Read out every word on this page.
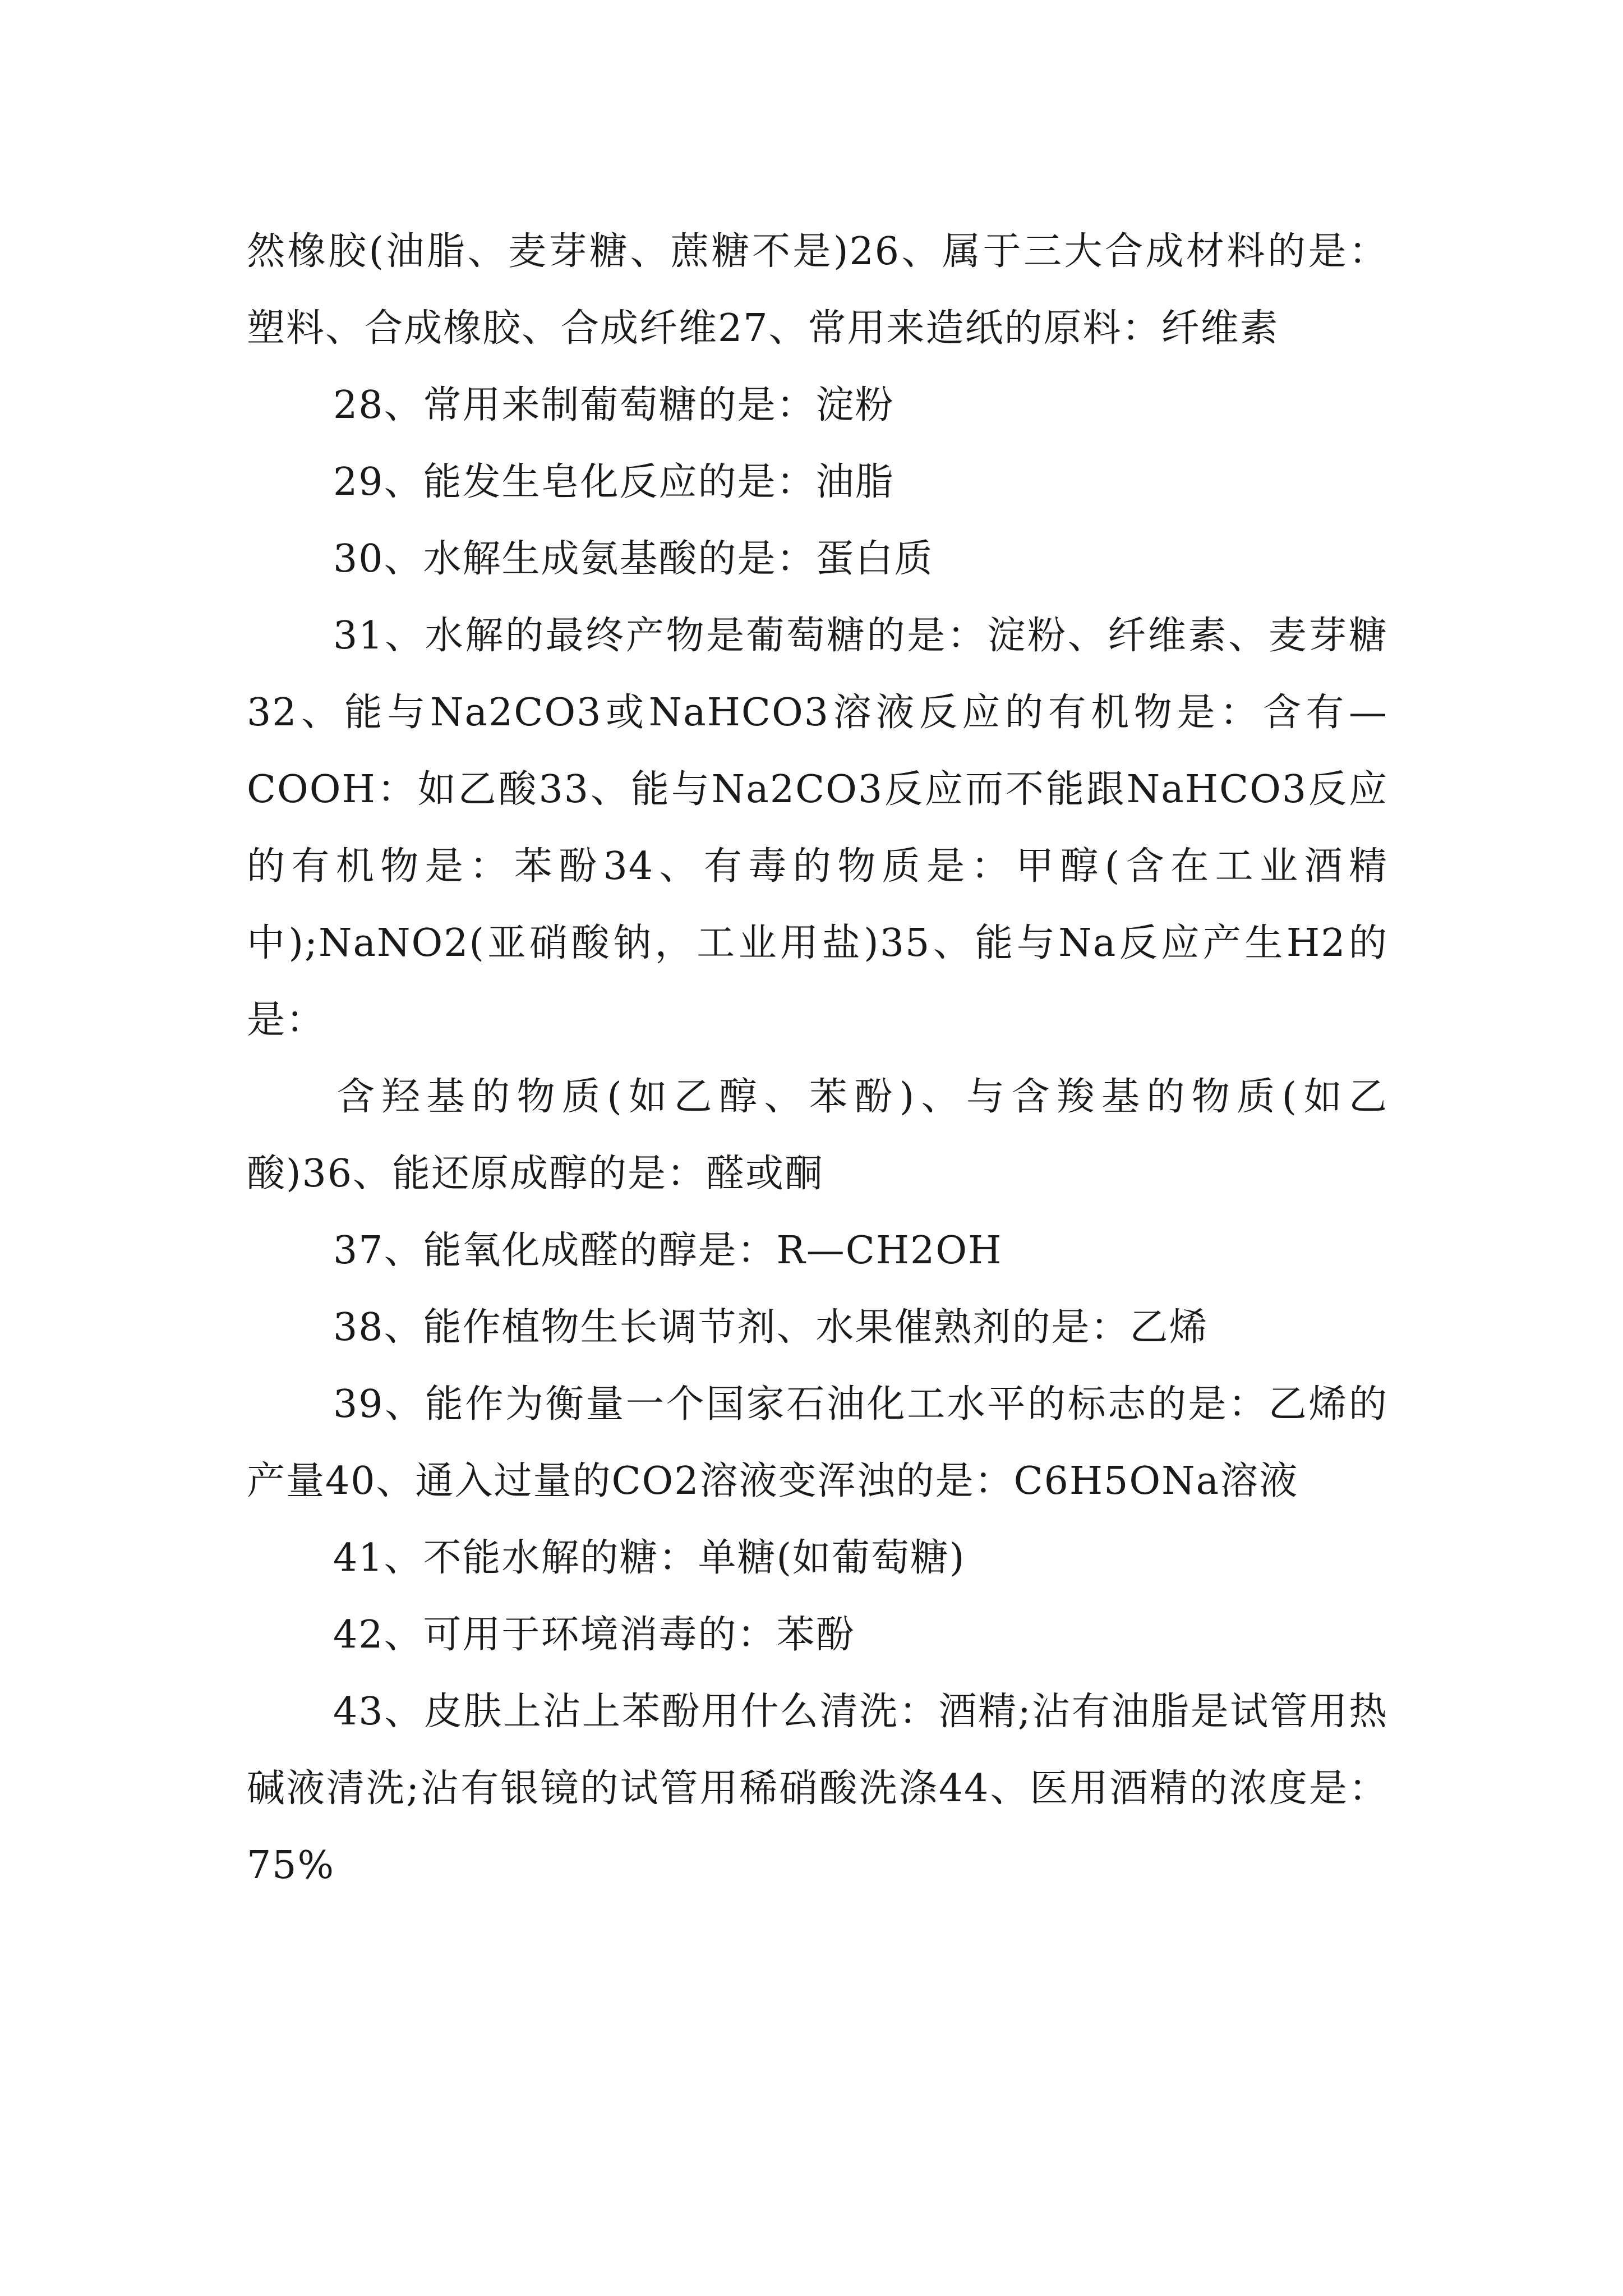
然橡胶(油脂、麦芽糖、蔗糖不是)26、属于三大合成材料的是：塑料、合成橡胶、合成纤维27、常用来造纸的原料：纤维素

28、常用来制葡萄糖的是：淀粉

29、能发生皂化反应的是：油脂

30、水解生成氨基酸的是：蛋白质

31、水解的最终产物是葡萄糖的是：淀粉、纤维素、麦芽糖32、能与Na2CO3或NaHCO3溶液反应的有机物是：含有—COOH：如乙酸33、能与Na2CO3反应而不能跟NaHCO3反应的有机物是：苯酚34、有毒的物质是：甲醇(含在工业酒精中);NaNO2(亚硝酸钠，工业用盐)35、能与Na反应产生H2的是：

含羟基的物质(如乙醇、苯酚)、与含羧基的物质(如乙酸)36、能还原成醇的是：醛或酮

37、能氧化成醛的醇是：R—CH2OH

38、能作植物生长调节剂、水果催熟剂的是：乙烯

39、能作为衡量一个国家石油化工水平的标志的是：乙烯的产量40、通入过量的CO2溶液变浑浊的是：C6H5ONa溶液

41、不能水解的糖：单糖(如葡萄糖)

42、可用于环境消毒的：苯酚

43、皮肤上沾上苯酚用什么清洗：酒精;沾有油脂是试管用热碱液清洗;沾有银镜的试管用稀硝酸洗涤44、医用酒精的浓度是：75%
